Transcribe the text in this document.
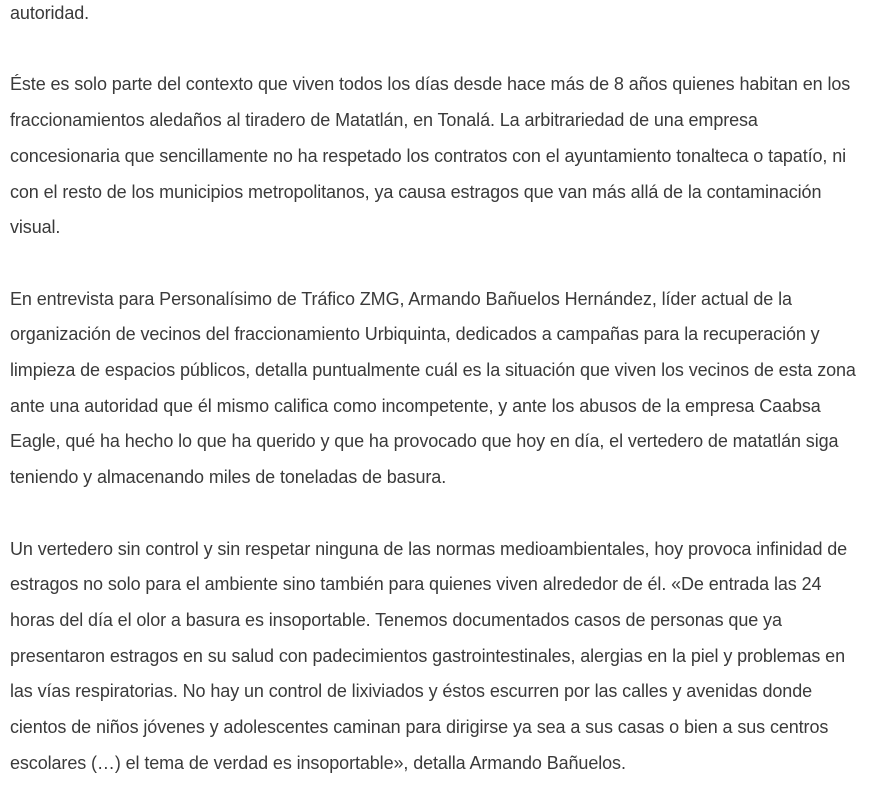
autoridad.

Éste es solo parte del contexto que viven todos los días desde hace más de 8 años quienes habitan en los fraccionamientos aledaños al tiradero de Matatlán, en Tonalá. La arbitrariedad de una empresa concesionaria que sencillamente no ha respetado los contratos con el ayuntamiento tonalteca o tapatío, ni con el resto de los municipios metropolitanos, ya causa estragos que van más allá de la contaminación visual.

En entrevista para Personalísimo de Tráfico ZMG, Armando Bañuelos Hernández, líder actual de la organización de vecinos del fraccionamiento Urbiquinta, dedicados a campañas para la recuperación y limpieza de espacios públicos, detalla puntualmente cuál es la situación que viven los vecinos de esta zona ante una autoridad que él mismo califica como incompetente, y ante los abusos de la empresa Caabsa Eagle, qué ha hecho lo que ha querido y que ha provocado que hoy en día, el vertedero de matatlán siga teniendo y almacenando miles de toneladas de basura.

Un vertedero sin control y sin respetar ninguna de las normas medioambientales, hoy provoca infinidad de estragos no solo para el ambiente sino también para quienes viven alrededor de él. «De entrada las 24 horas del día el olor a basura es insoportable. Tenemos documentados casos de personas que ya presentaron estragos en su salud con padecimientos gastrointestinales, alergias en la piel y problemas en las vías respiratorias. No hay un control de lixiviados y éstos escurren por las calles y avenidas donde cientos de niños jóvenes y adolescentes caminan para dirigirse ya sea a sus casas o bien a sus centros escolares (…) el tema de verdad es insoportable», detalla Armando Bañuelos.
